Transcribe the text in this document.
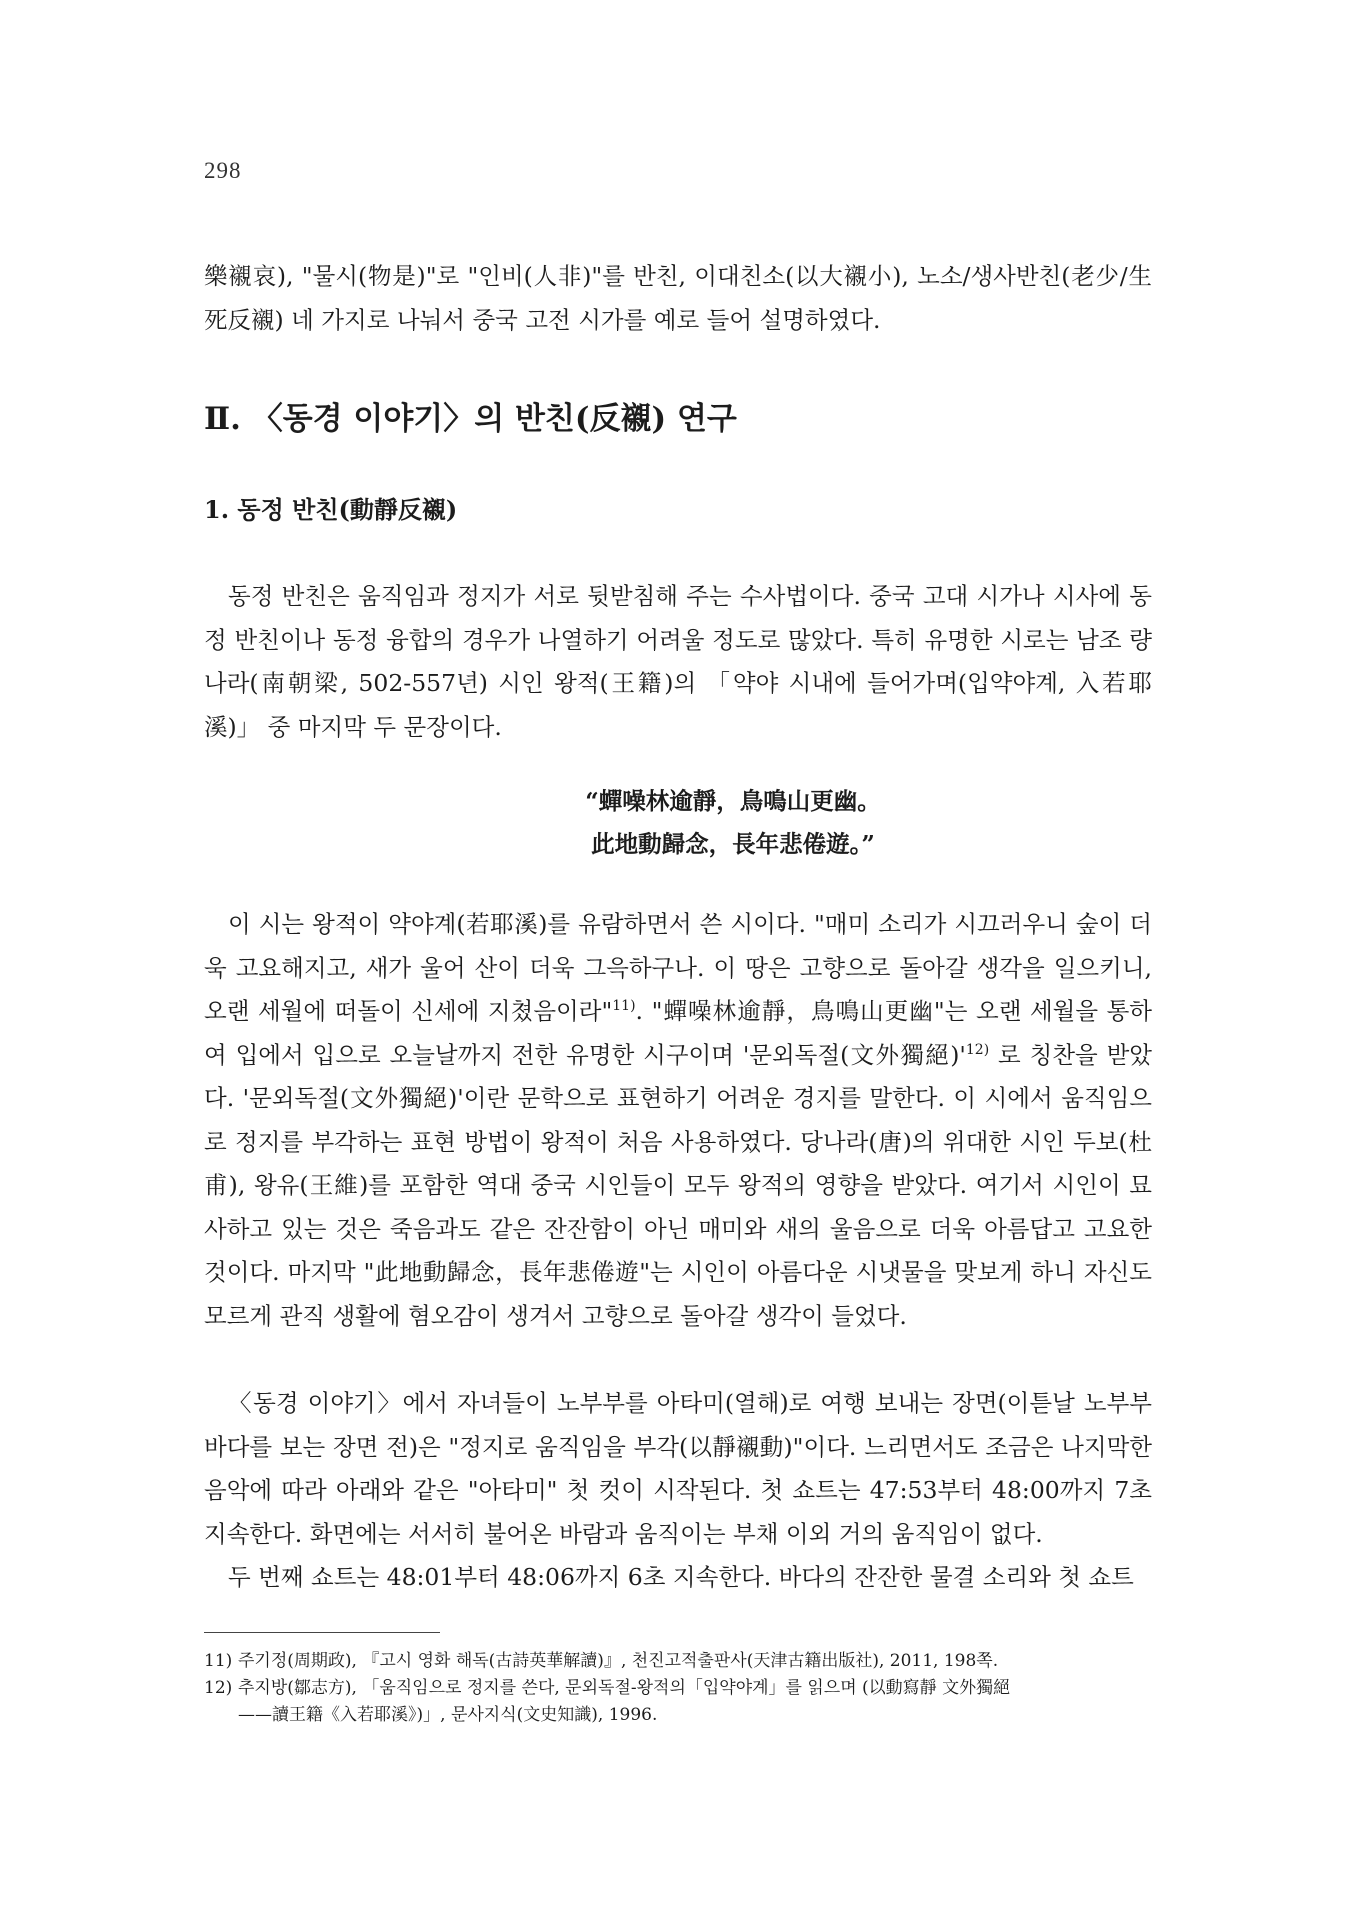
298

樂襯哀), "물시(物是)"로 "인비(人非)"를 반친, 이대친소(以大襯小), 노소/생사반친(老少/生死反襯) 네 가지로 나눠서 중국 고전 시가를 예로 들어 설명하였다.

Ⅱ. 〈동경 이야기〉의 반친(反襯) 연구
1. 동정 반친(動靜反襯)

동정 반친은 움직임과 정지가 서로 뒷받침해 주는 수사법이다. 중국 고대 시가나 시사에 동정 반친이나 동정 융합의 경우가 나열하기 어려울 정도로 많았다. 특히 유명한 시로는 남조 량 나라(南朝梁, 502-557년) 시인 왕적(王籍)의 「약야 시내에 들어가며(입약야계, 入若耶溪)」 중 마지막 두 문장이다.

“蟬噪林逾靜，鳥鳴山更幽。
此地動歸念，長年悲倦遊。”

이 시는 왕적이 약야계(若耶溪)를 유람하면서 쓴 시이다. "매미 소리가 시끄러우니 숲이 더욱 고요해지고, 새가 울어 산이 더욱 그윽하구나. 이 땅은 고향으로 돌아갈 생각을 일으키니, 오랜 세월에 떠돌이 신세에 지쳤음이라"$^{11)}$. "蟬噪林逾靜，鳥鳴山更幽"는 오랜 세월을 통하여 입에서 입으로 오늘날까지 전한 유명한 시구이며 '문외독절(文外獨絕)'$^{12)}$ 로 칭찬을 받았다. '문외독절(文外獨絕)'이란 문학으로 표현하기 어려운 경지를 말한다. 이 시에서 움직임으로 정지를 부각하는 표현 방법이 왕적이 처음 사용하였다. 당나라(唐)의 위대한 시인 두보(杜甫), 왕유(王維)를 포함한 역대 중국 시인들이 모두 왕적의 영향을 받았다. 여기서 시인이 묘사하고 있는 것은 죽음과도 같은 잔잔함이 아닌 매미와 새의 울음으로 더욱 아름답고 고요한 것이다. 마지막 "此地動歸念，長年悲倦遊"는 시인이 아름다운 시냇물을 맞보게 하니 자신도 모르게 관직 생활에 혐오감이 생겨서 고향으로 돌아갈 생각이 들었다.

〈동경 이야기〉에서 자녀들이 노부부를 아타미(열해)로 여행 보내는 장면(이튿날 노부부 바다를 보는 장면 전)은 "정지로 움직임을 부각(以靜襯動)"이다. 느리면서도 조금은 나지막한 음악에 따라 아래와 같은 "아타미" 첫 컷이 시작된다. 첫 쇼트는 47:53부터 48:00까지 7초 지속한다. 화면에는 서서히 불어온 바람과 움직이는 부채 이외 거의 움직임이 없다.

두 번째 쇼트는 48:01부터 48:06까지 6초 지속한다. 바다의 잔잔한 물결 소리와 첫 쇼트

11) 주기정(周期政), 『고시 영화 해독(古詩英華解讀)』, 천진고적출판사(天津古籍出版社), 2011, 198쪽.
12) 추지방(鄒志方), 「움직임으로 정지를 쓴다, 문외독절-왕적의「입약야계」를 읽으며 (以動寫靜 文外獨絕
——讀王籍《入若耶溪》)」, 문사지식(文史知識), 1996.
